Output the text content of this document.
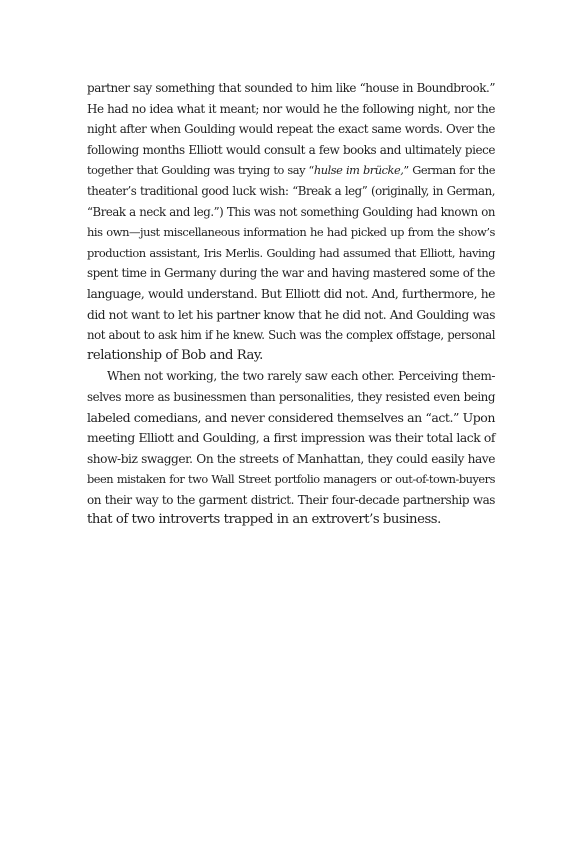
partner say something that sounded to him like “house in Boundbrook.”
He had no idea what it meant; nor would he the following night, nor the
night after when Goulding would repeat the exact same words. Over the
following months Elliott would consult a few books and ultimately piece
together that Goulding was trying to say “hulse im brücke,” German for the
theater’s traditional good luck wish: “Break a leg” (originally, in German,
“Break a neck and leg.”) This was not something Goulding had known on
his own—just miscellaneous information he had picked up from the show’s
production assistant, Iris Merlis. Goulding had assumed that Elliott, having
spent time in Germany during the war and having mastered some of the
language, would understand. But Elliott did not. And, furthermore, he
did not want to let his partner know that he did not. And Goulding was
not about to ask him if he knew. Such was the complex offstage, personal
relationship of Bob and Ray.
When not working, the two rarely saw each other. Perceiving them-
selves more as businessmen than personalities, they resisted even being
labeled comedians, and never considered themselves an “act.” Upon
meeting Elliott and Goulding, a first impression was their total lack of
show-biz swagger. On the streets of Manhattan, they could easily have
been mistaken for two Wall Street portfolio managers or out-of-town-buyers
on their way to the garment district. Their four-decade partnership was
that of two introverts trapped in an extrovert’s business.
